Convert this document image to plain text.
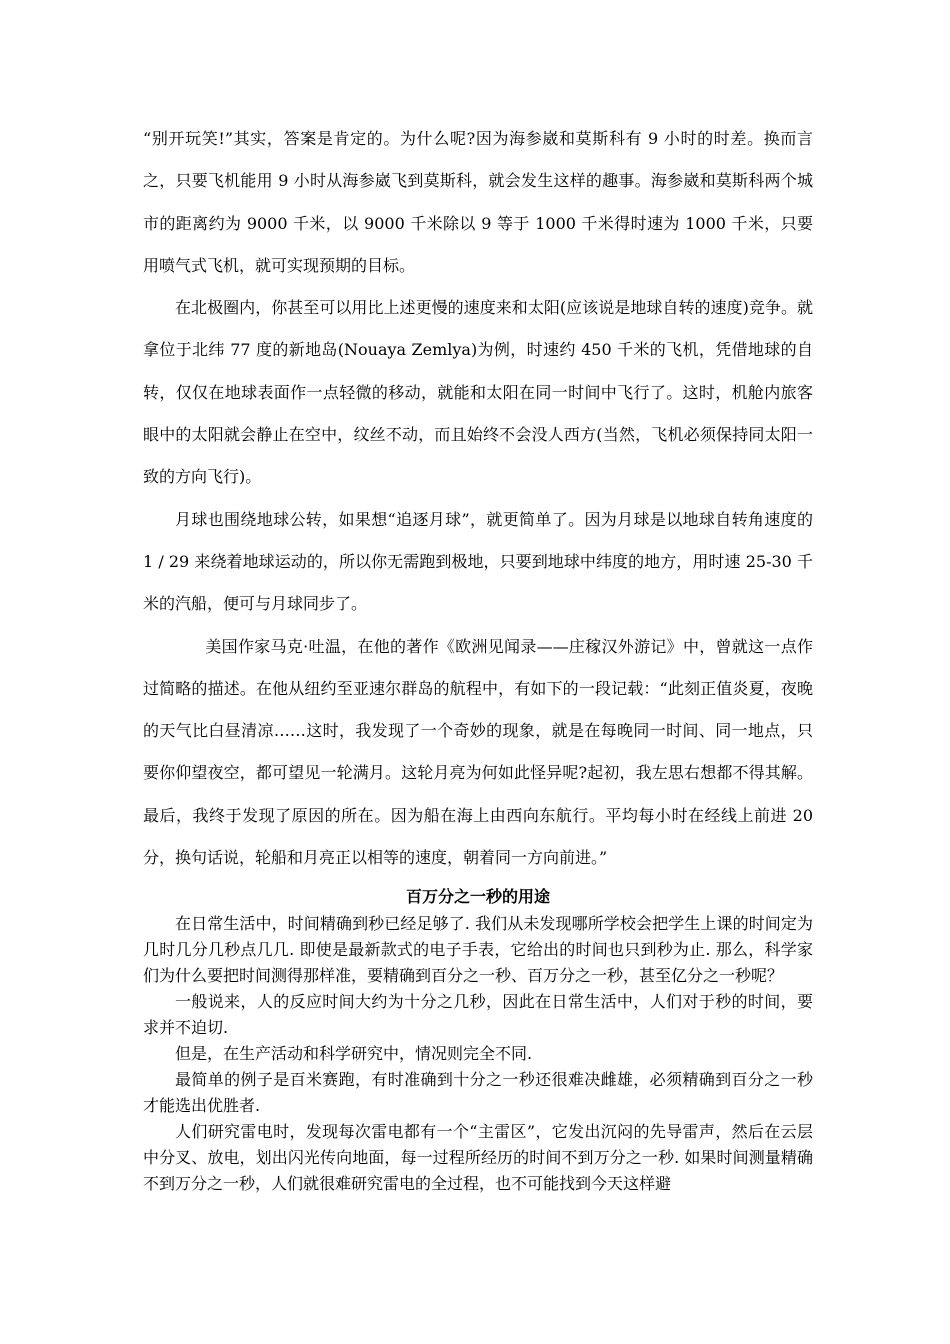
“别开玩笑!”其实，答案是肯定的。为什么呢?因为海参崴和莫斯科有 9 小时的时差。换而言之，只要飞机能用 9 小时从海参崴飞到莫斯科，就会发生这样的趣事。海参崴和莫斯科两个城市的距离约为 9000 千米，以 9000 千米除以 9 等于 1000 千米得时速为 1000 千米，只要用喷气式飞机，就可实现预期的目标。

在北极圈内，你甚至可以用比上述更慢的速度来和太阳(应该说是地球自转的速度)竞争。就拿位于北纬 77 度的新地岛(Nouaya Zemlya)为例，时速约 450 千米的飞机，凭借地球的自转，仅仅在地球表面作一点轻微的移动，就能和太阳在同一时间中飞行了。这时，机舱内旅客眼中的太阳就会静止在空中，纹丝不动，而且始终不会没人西方(当然，飞机必须保持同太阳一致的方向飞行)。

月球也围绕地球公转，如果想“追逐月球”，就更简单了。因为月球是以地球自转角速度的 1 / 29 来绕着地球运动的，所以你无需跑到极地，只要到地球中纬度的地方，用时速 25-30 千米的汽船，便可与月球同步了。

美国作家马克·吐温，在他的著作《欧洲见闻录——庄稼汉外游记》中，曾就这一点作过简略的描述。在他从纽约至亚速尔群岛的航程中，有如下的一段记载：“此刻正值炎夏，夜晚的天气比白昼清凉……这时，我发现了一个奇妙的现象，就是在每晚同一时间、同一地点，只要你仰望夜空，都可望见一轮满月。这轮月亮为何如此怪异呢?起初，我左思右想都不得其解。最后，我终于发现了原因的所在。因为船在海上由西向东航行。平均每小时在经线上前进 20 分，换句话说，轮船和月亮正以相等的速度，朝着同一方向前进。”

百万分之一秒的用途

在日常生活中，时间精确到秒已经足够了. 我们从未发现哪所学校会把学生上课的时间定为几时几分几秒点几几. 即使是最新款式的电子手表，它给出的时间也只到秒为止. 那么，科学家们为什么要把时间测得那样准，要精确到百分之一秒、百万分之一秒，甚至亿分之一秒呢？

一般说来，人的反应时间大约为十分之几秒，因此在日常生活中，人们对于秒的时间，要求并不迫切.

但是，在生产活动和科学研究中，情况则完全不同.

最简单的例子是百米赛跑，有时准确到十分之一秒还很难决雌雄，必须精确到百分之一秒才能选出优胜者.

人们研究雷电时，发现每次雷电都有一个“主雷区”，它发出沉闷的先导雷声，然后在云层中分叉、放电，划出闪光传向地面，每一过程所经历的时间不到万分之一秒. 如果时间测量精确不到万分之一秒，人们就很难研究雷电的全过程，也不可能找到今天这样避
